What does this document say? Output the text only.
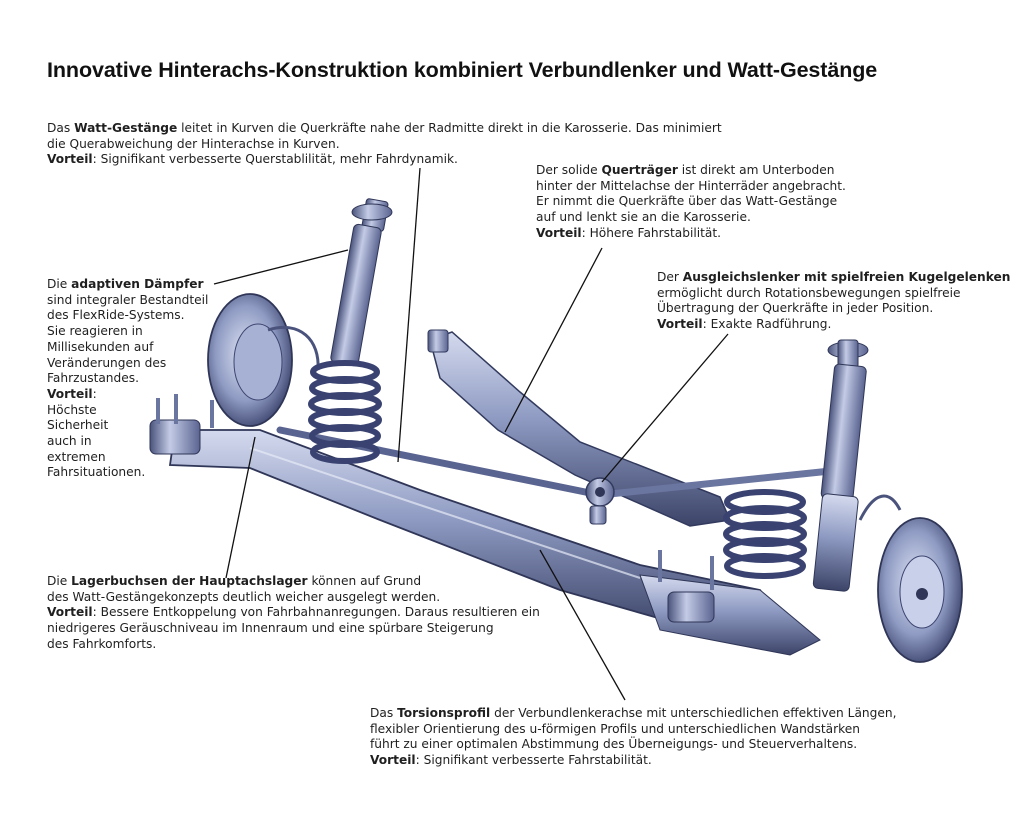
Innovative Hinterachs-Konstruktion kombiniert Verbundlenker und Watt-Gestänge
Das Watt-Gestänge leitet in Kurven die Querkräfte nahe der Radmitte direkt in die Karosserie. Das minimiert
die Querabweichung der Hinterachse in Kurven.
Vorteil: Signifikant verbesserte Querstablilität, mehr Fahrdynamik.
Der solide Querträger ist direkt am Unterboden
hinter der Mittelachse der Hinterräder angebracht.
Er nimmt die Querkräfte über das Watt-Gestänge
auf und lenkt sie an die Karosserie.
Vorteil: Höhere Fahrstabilität.
Die adaptiven Dämpfer
sind integraler Bestandteil
des FlexRide-Systems.
Sie reagieren in
Millisekunden auf
Veränderungen des
Fahrzustandes.
Vorteil:
Höchste
Sicherheit
auch in
extremen
Fahrsituationen.
Der Ausgleichslenker mit spielfreien Kugelgelenken
ermöglicht durch Rotationsbewegungen spielfreie
Übertragung der Querkräfte in jeder Position.
Vorteil: Exakte Radführung.
Die Lagerbuchsen der Hauptachslager können auf Grund
des Watt-Gestängekonzepts deutlich weicher ausgelegt werden.
Vorteil: Bessere Entkoppelung von Fahrbahnanregungen. Daraus resultieren ein
niedrigeres Geräuschniveau im Innenraum und eine spürbare Steigerung
des Fahrkomforts.
Das Torsionsprofil der Verbundlenkerachse mit unterschiedlichen effektiven Längen,
flexibler Orientierung des u-förmigen Profils und unterschiedlichen Wandstärken
führt zu einer optimalen Abstimmung des Überneigungs- und Steuerverhaltens.
Vorteil: Signifikant verbesserte Fahrstabilität.
